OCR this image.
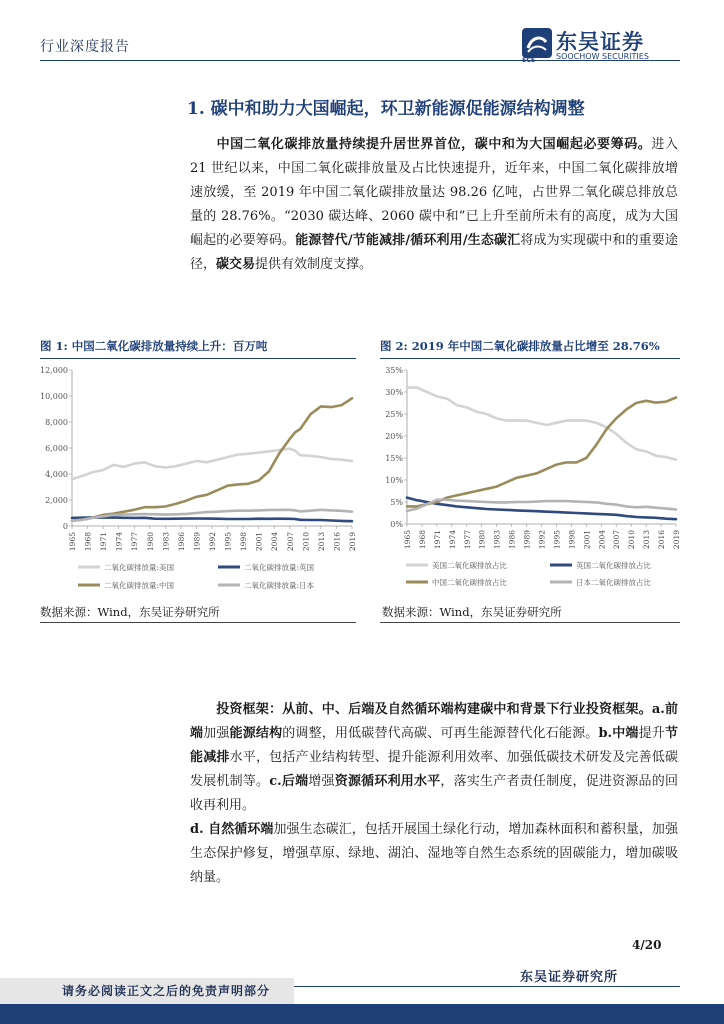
行业深度报告
SCS
东吴证券
SOOCHOW SECURITIES
1. 碳中和助力大国崛起，环卫新能源促能源结构调整
中国二氧化碳排放量持续提升居世界首位，碳中和为大国崛起必要筹码。进入 21 世纪以来，中国二氧化碳排放量及占比快速提升，近年来，中国二氧化碳排放增速放缓，至 2019 年中国二氧化碳排放量达 98.26 亿吨，占世界二氧化碳总排放总量的 28.76%。“2030 碳达峰、2060 碳中和”已上升至前所未有的高度，成为大国崛起的必要筹码。能源替代/节能减排/循环利用/生态碳汇将成为实现碳中和的重要途径，碳交易提供有效制度支撑。
图 1: 中国二氧化碳排放量持续上升：百万吨	图 2: 2019 年中国二氧化碳排放量占比增至 28.76%
0
2,000
4,000
6,000
8,000
10,000
12,000
1965 1968 1971 1974 1977 1980 1983 1986 1989 1992 1995 1998 2001 2004 2007 2010 2013 2016 2019
二氧化碳排放量:美国	二氧化碳排放量:英国
二氧化碳排放量:中国	二氧化碳排放量:日本
0%
5%
10%
15%
20%
25%
30%
35%
1965 1968 1971 1974 1977 1980 1983 1986 1989 1992 1995 1998 2001 2004 2007 2010 2013 2016 2019
美国二氧化碳排放占比	英国二氧化碳排放占比
中国二氧化碳排放占比	日本二氧化碳排放占比
数据来源：Wind，东吴证券研究所	数据来源：Wind，东吴证券研究所
投资框架：从前、中、后端及自然循环端构建碳中和背景下行业投资框架。a.前端加强能源结构的调整，用低碳替代高碳、可再生能源替代化石能源。b.中端提升节能减排水平，包括产业结构转型、提升能源利用效率、加强低碳技术研发及完善低碳发展机制等。c.后端增强资源循环利用水平，落实生产者责任制度，促进资源品的回收再利用。
d. 自然循环端加强生态碳汇，包括开展国土绿化行动，增加森林面积和蓄积量，加强生态保护修复，增强草原、绿地、湖泊、湿地等自然生态系统的固碳能力，增加碳吸纳量。
4/20
东吴证券研究所
请务必阅读正文之后的免责声明部分
